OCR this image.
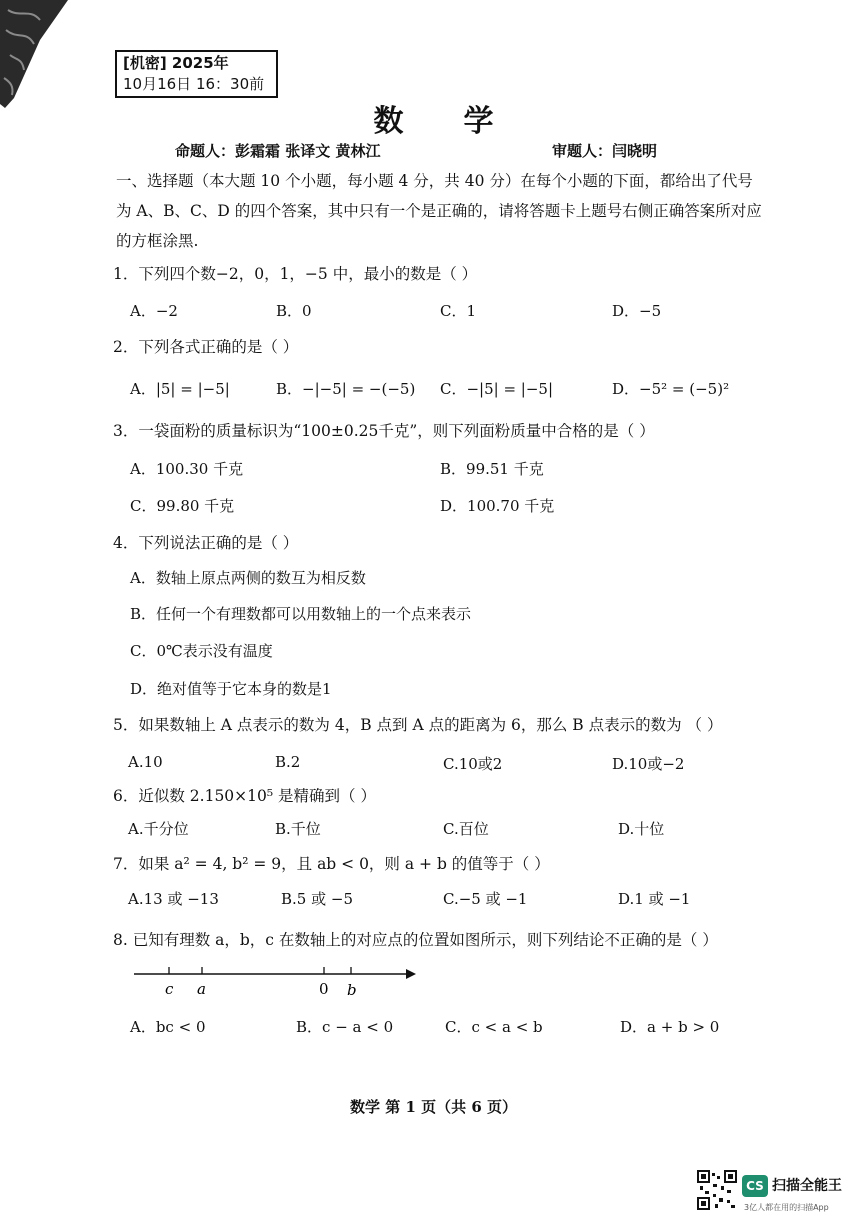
[机密] 2025年
10月16日 16：30前
数学
命题人：彭霜霜 张译文 黄林江	审题人：闫晓明
一、选择题（本大题 10 个小题，每小题 4 分，共 40 分）在每个小题的下面，都给出了代号为 A、B、C、D 的四个答案，其中只有一个是正确的，请将答题卡上题号右侧正确答案所对应的方框涂黑.
1．下列四个数−2，0，1，−5 中，最小的数是（ ）
A．−2	B．0	C．1	D．−5
2．下列各式正确的是（ ）
A．|5| = |−5|	B．−|−5| = −(−5) C．−|5| = |−5|	D．−5² = (−5)²
3．一袋面粉的质量标识为“100±0.25千克”，则下列面粉质量中合格的是（ ）
A．100.30 千克	B．99.51 千克
C．99.80 千克	D．100.70 千克
4．下列说法正确的是（ ）
A．数轴上原点两侧的数互为相反数
B．任何一个有理数都可以用数轴上的一个点来表示
C．0℃表示没有温度
D．绝对值等于它本身的数是1
5．如果数轴上 A 点表示的数为 4，B 点到 A 点的距离为 6，那么 B 点表示的数为 （ ）
A.10	B.2	C.10或2	D.10或−2
6．近似数 2.150×10⁵ 是精确到（ ）
A.千分位	B.千位	C.百位	D.十位
7．如果 a² = 4, b² = 9，且 ab < 0，则 a + b 的值等于（ ）
A.13 或 −13	B.5 或 −5	C.−5 或 −1	D.1 或 −1
8. 已知有理数 a，b，c 在数轴上的对应点的位置如图所示，则下列结论不正确的是（ ）
c a	0 b
A．bc < 0	B．c − a < 0	C．c < a < b	D．a + b > 0
数学 第 1 页（共 6 页）
CS 扫描全能王
3亿人都在用的扫描App
